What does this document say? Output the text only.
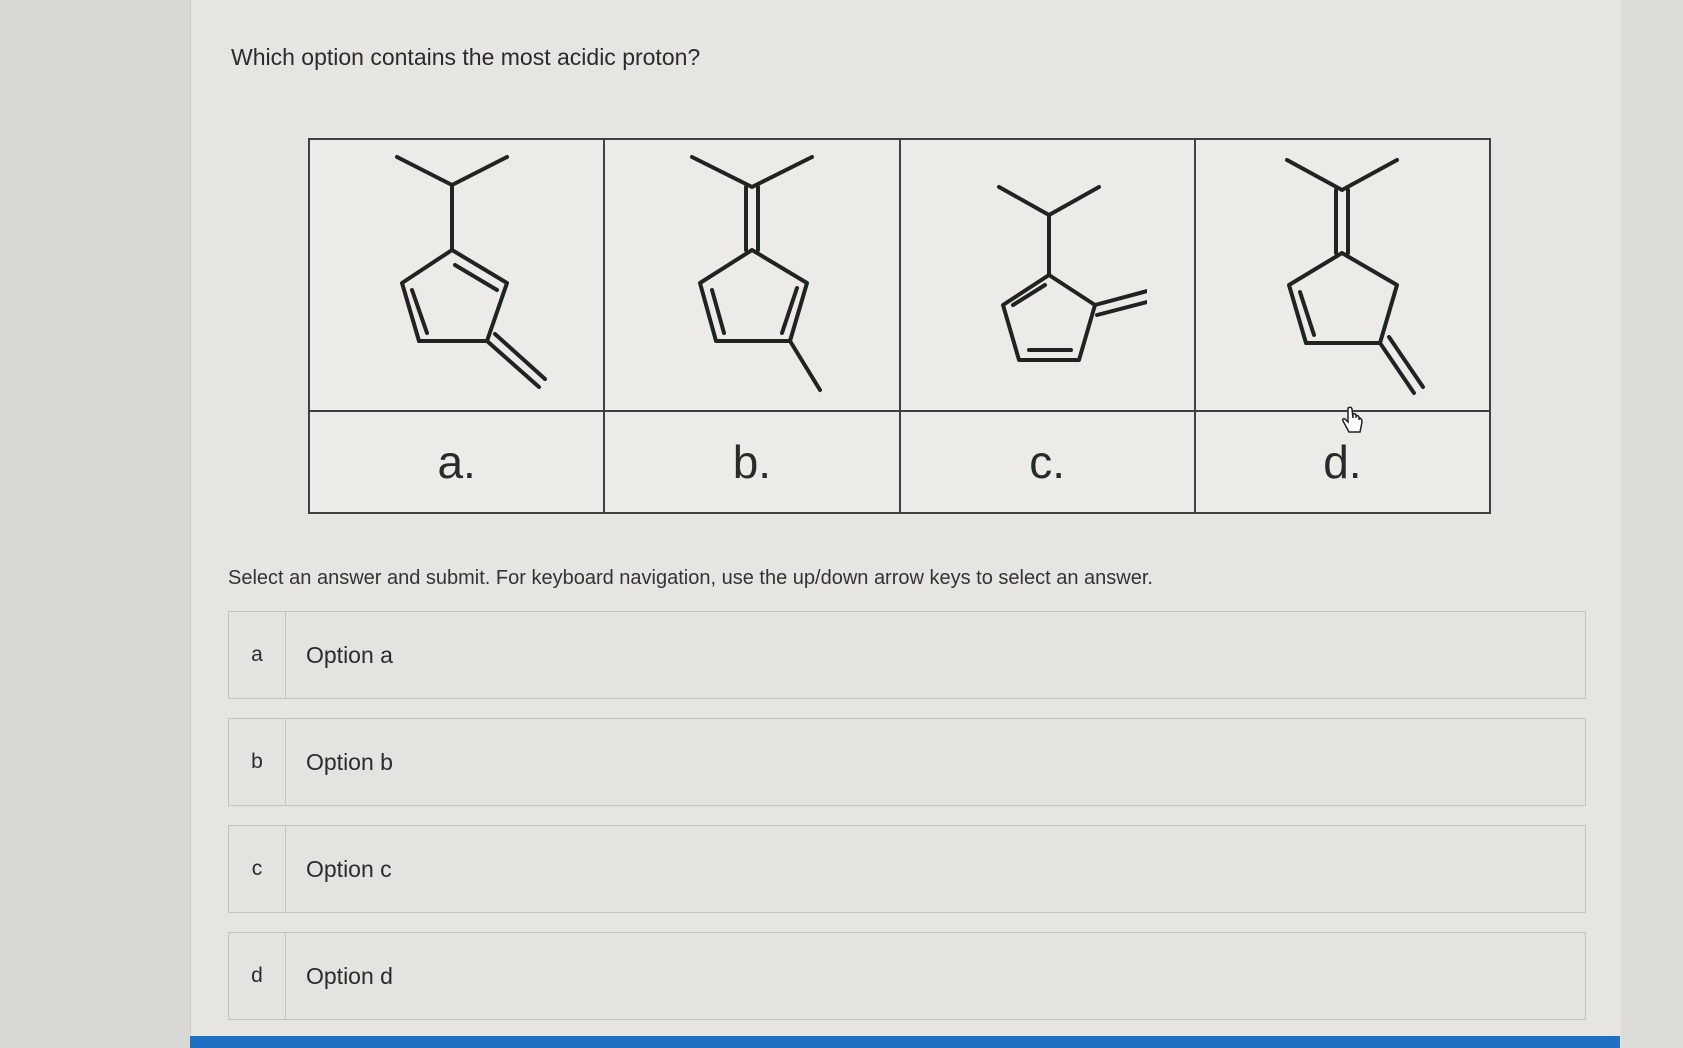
Which option contains the most acidic proton?

a.	b.	c.	d.
Select an answer and submit. For keyboard navigation, use the up/down arrow keys to select an answer.
a	Option a
b	Option b
c	Option c
d	Option d
